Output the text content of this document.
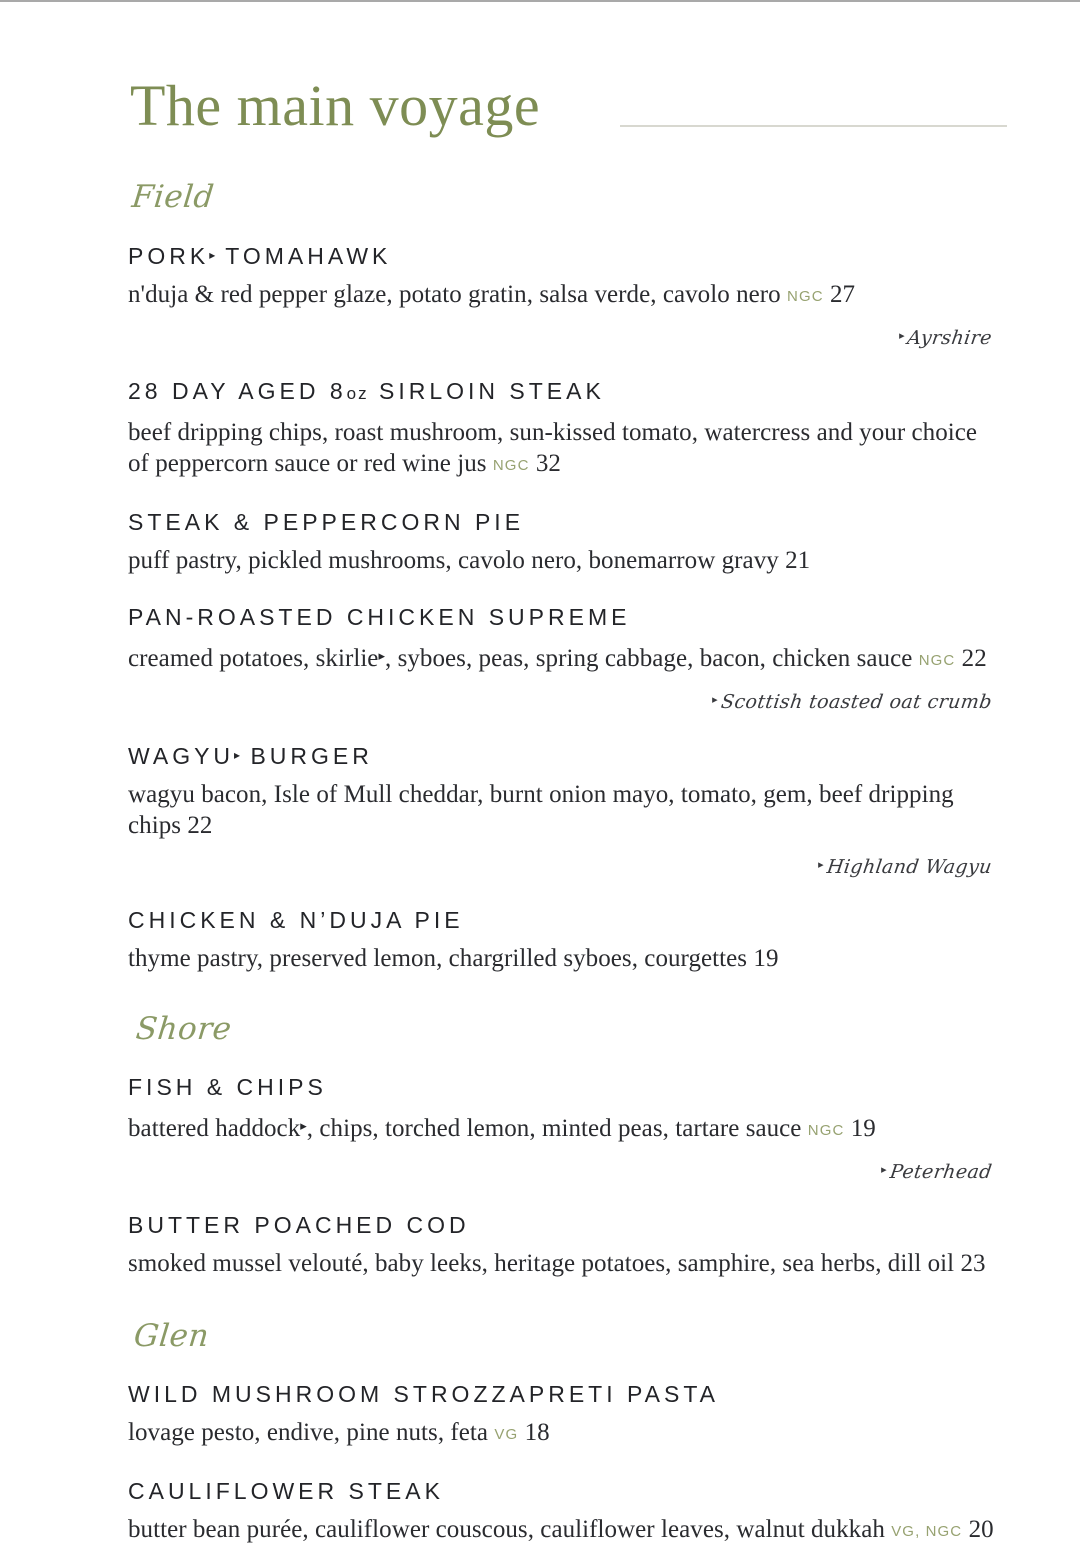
The main voyage
Field
PORK▸ TOMAHAWK
n'duja & red pepper glaze, potato gratin, salsa verde, cavolo nero NGC 27
▸Ayrshire
28 DAY AGED 8oz SIRLOIN STEAK
beef dripping chips, roast mushroom, sun-kissed tomato, watercress and your choice of peppercorn sauce or red wine jus NGC 32
STEAK & PEPPERCORN PIE
puff pastry, pickled mushrooms, cavolo nero, bonemarrow gravy 21
PAN-ROASTED CHICKEN SUPREME
creamed potatoes, skirlie▸, syboes, peas, spring cabbage, bacon, chicken sauce NGC 22
▸Scottish toasted oat crumb
WAGYU▸ BURGER
wagyu bacon, Isle of Mull cheddar, burnt onion mayo, tomato, gem, beef dripping chips 22
▸Highland Wagyu
CHICKEN & N’DUJA PIE
thyme pastry, preserved lemon, chargrilled syboes, courgettes 19
Shore
FISH & CHIPS
battered haddock▸, chips, torched lemon, minted peas, tartare sauce NGC 19
▸Peterhead
BUTTER POACHED COD
smoked mussel velouté, baby leeks, heritage potatoes, samphire, sea herbs, dill oil 23
Glen
WILD MUSHROOM STROZZAPRETI PASTA
lovage pesto, endive, pine nuts, feta VG 18
CAULIFLOWER STEAK
butter bean purée, cauliflower couscous, cauliflower leaves, walnut dukkah VG, NGC 20
